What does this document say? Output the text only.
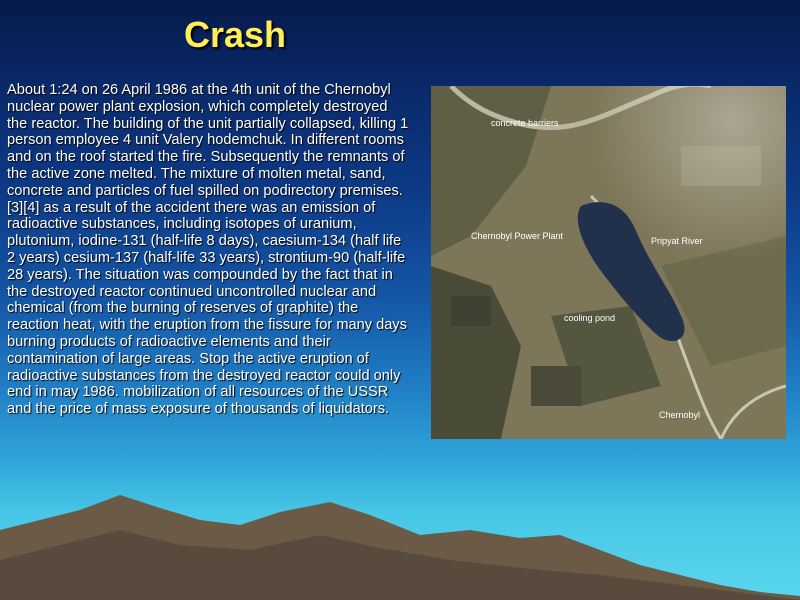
Crash
About 1:24 on 26 April 1986 at the 4th unit of the Chernobyl nuclear power plant explosion, which completely destroyed the reactor. The building of the unit partially collapsed, killing 1 person employee 4 unit Valery hodemchuk. In different rooms and on the roof started the fire. Subsequently the remnants of the active zone melted. The mixture of molten metal, sand, concrete and particles of fuel spilled on podirectory premises.[3][4] as a result of the accident there was an emission of radioactive substances, including isotopes of uranium, plutonium, iodine-131 (half-life 8 days), caesium-134 (half life 2 years) cesium-137 (half-life 33 years), strontium-90 (half-life 28 years). The situation was compounded by the fact that in the destroyed reactor continued uncontrolled nuclear and chemical (from the burning of reserves of graphite) the reaction heat, with the eruption from the fissure for many days burning products of radioactive elements and their contamination of large areas. Stop the active eruption of radioactive substances from the destroyed reactor could only end in may 1986. mobilization of all resources of the USSR and the price of mass exposure of thousands of liquidators.
concrete barriers
Chernobyl Power Plant	Pripyat River
cooling pond
Chernobyl
